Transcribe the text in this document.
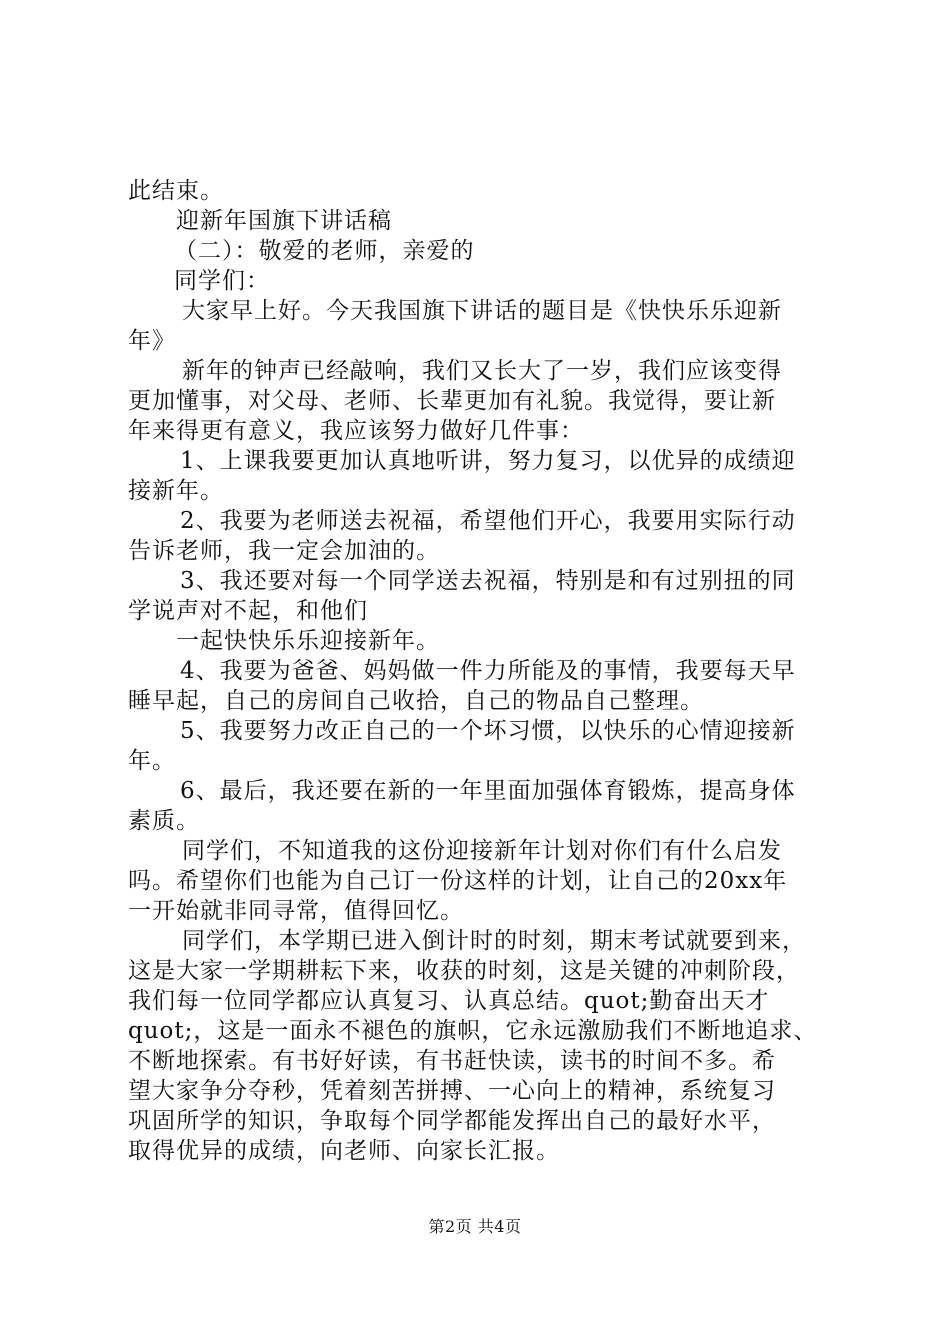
此结束。
迎新年国旗下讲话稿
（二）：敬爱的老师，亲爱的
同学们：
大家早上好。今天我国旗下讲话的题目是《快快乐乐迎新
年》
新年的钟声已经敲响，我们又长大了一岁，我们应该变得
更加懂事，对父母、老师、长辈更加有礼貌。我觉得，要让新
年来得更有意义，我应该努力做好几件事：
1、上课我要更加认真地听讲，努力复习，以优异的成绩迎
接新年。
2、我要为老师送去祝福，希望他们开心，我要用实际行动
告诉老师，我一定会加油的。
3、我还要对每一个同学送去祝福，特别是和有过别扭的同
学说声对不起，和他们
一起快快乐乐迎接新年。
4、我要为爸爸、妈妈做一件力所能及的事情，我要每天早
睡早起，自己的房间自己收拾，自己的物品自己整理。
5、我要努力改正自己的一个坏习惯，以快乐的心情迎接新
年。
6、最后，我还要在新的一年里面加强体育锻炼，提高身体
素质。
同学们，不知道我的这份迎接新年计划对你们有什么启发
吗。希望你们也能为自己订一份这样的计划，让自己的20xx年
一开始就非同寻常，值得回忆。
同学们，本学期已进入倒计时的时刻，期末考试就要到来，
这是大家一学期耕耘下来，收获的时刻，这是关键的冲刺阶段，
我们每一位同学都应认真复习、认真总结。quot;勤奋出天才
quot;，这是一面永不褪色的旗帜，它永远激励我们不断地追求、
不断地探索。有书好好读，有书赶快读，读书的时间不多。希
望大家争分夺秒，凭着刻苦拼搏、一心向上的精神，系统复习
巩固所学的知识，争取每个同学都能发挥出自己的最好水平，
取得优异的成绩，向老师、向家长汇报。
第2页 共4页
